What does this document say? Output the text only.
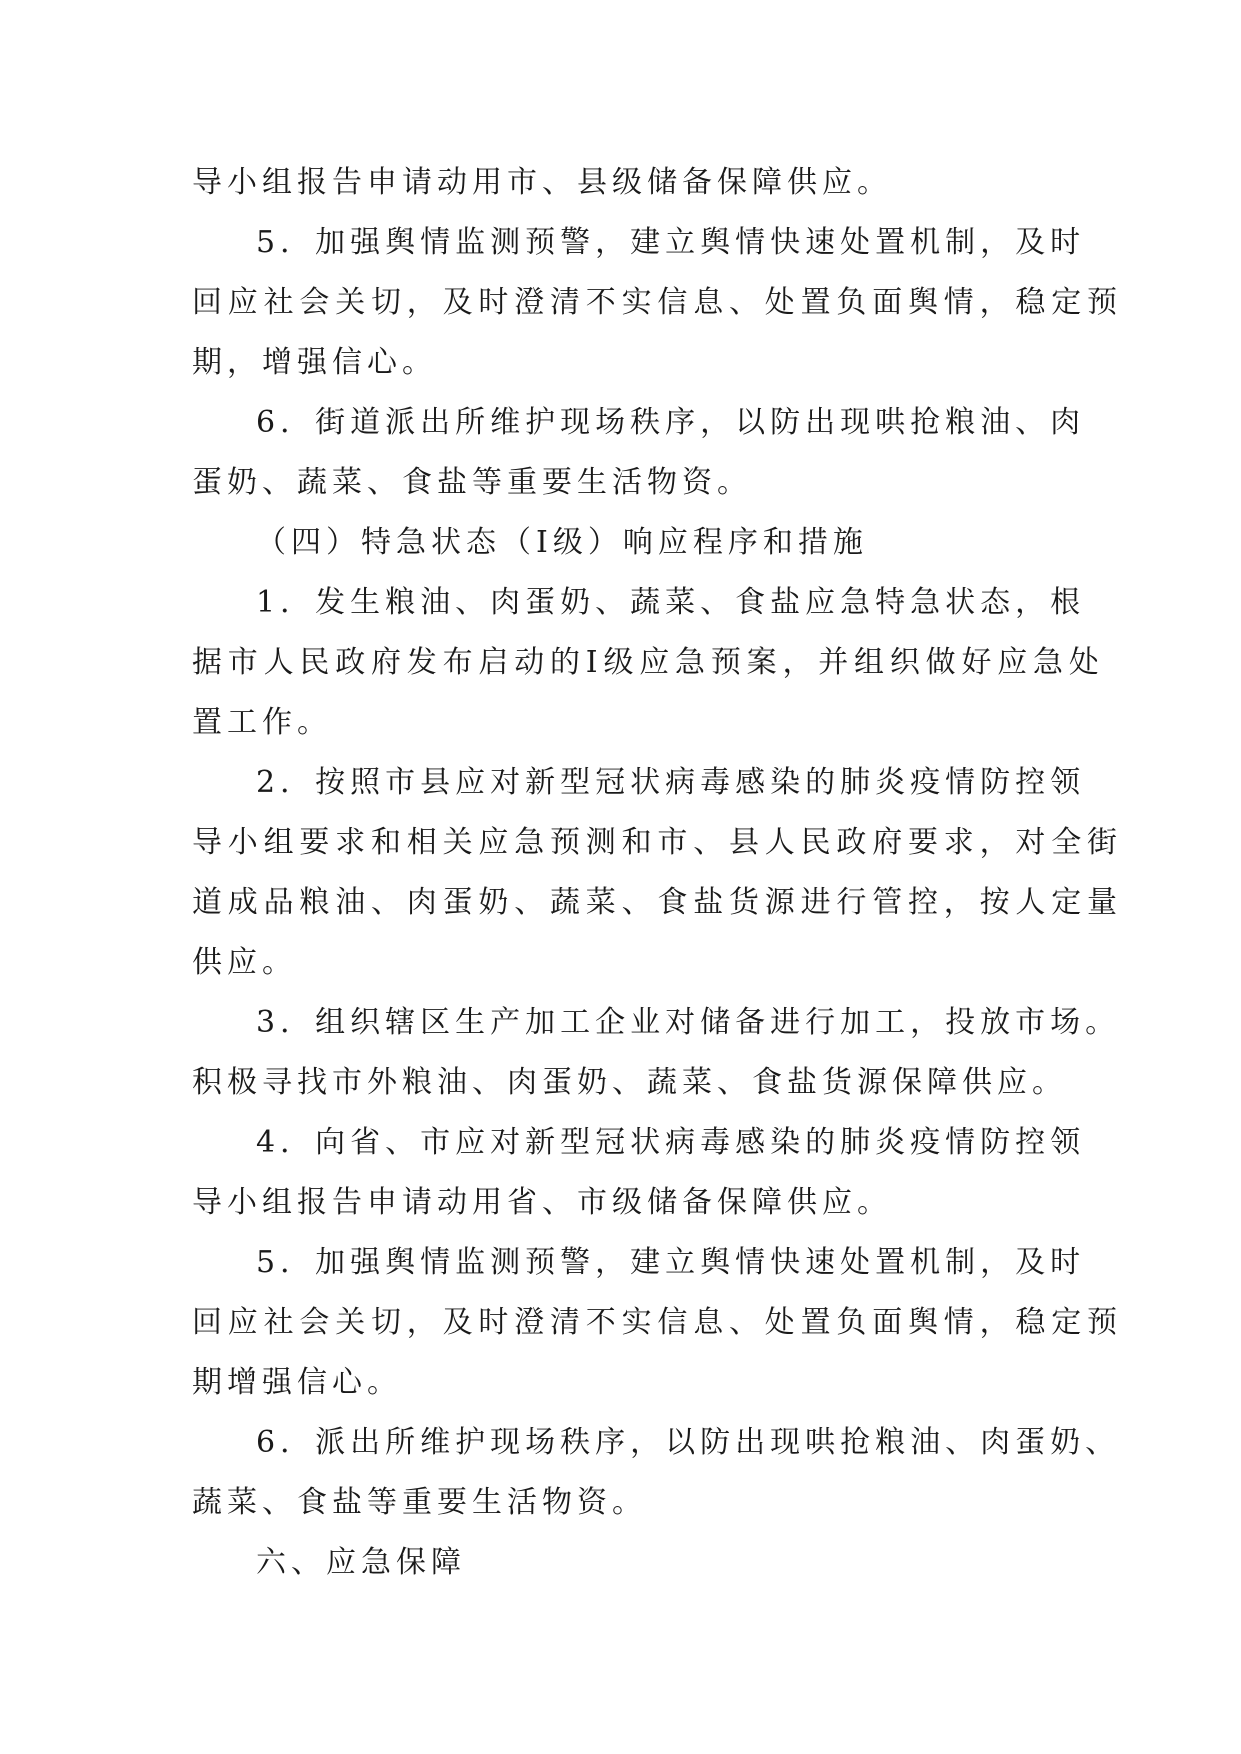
导小组报告申请动用市、县级储备保障供应。
5．加强舆情监测预警，建立舆情快速处置机制，及时
回应社会关切，及时澄清不实信息、处置负面舆情，稳定预
期，增强信心。
6．街道派出所维护现场秩序，以防出现哄抢粮油、肉
蛋奶、蔬菜、食盐等重要生活物资。
（四）特急状态（Ⅰ级）响应程序和措施
1．发生粮油、肉蛋奶、蔬菜、食盐应急特急状态，根
据市人民政府发布启动的Ⅰ级应急预案，并组织做好应急处
置工作。
2．按照市县应对新型冠状病毒感染的肺炎疫情防控领
导小组要求和相关应急预测和市、县人民政府要求，对全街
道成品粮油、肉蛋奶、蔬菜、食盐货源进行管控，按人定量
供应。
3．组织辖区生产加工企业对储备进行加工，投放市场。
积极寻找市外粮油、肉蛋奶、蔬菜、食盐货源保障供应。
4．向省、市应对新型冠状病毒感染的肺炎疫情防控领
导小组报告申请动用省、市级储备保障供应。
5．加强舆情监测预警，建立舆情快速处置机制，及时
回应社会关切，及时澄清不实信息、处置负面舆情，稳定预
期增强信心。
6．派出所维护现场秩序，以防出现哄抢粮油、肉蛋奶、
蔬菜、食盐等重要生活物资。
六、应急保障
